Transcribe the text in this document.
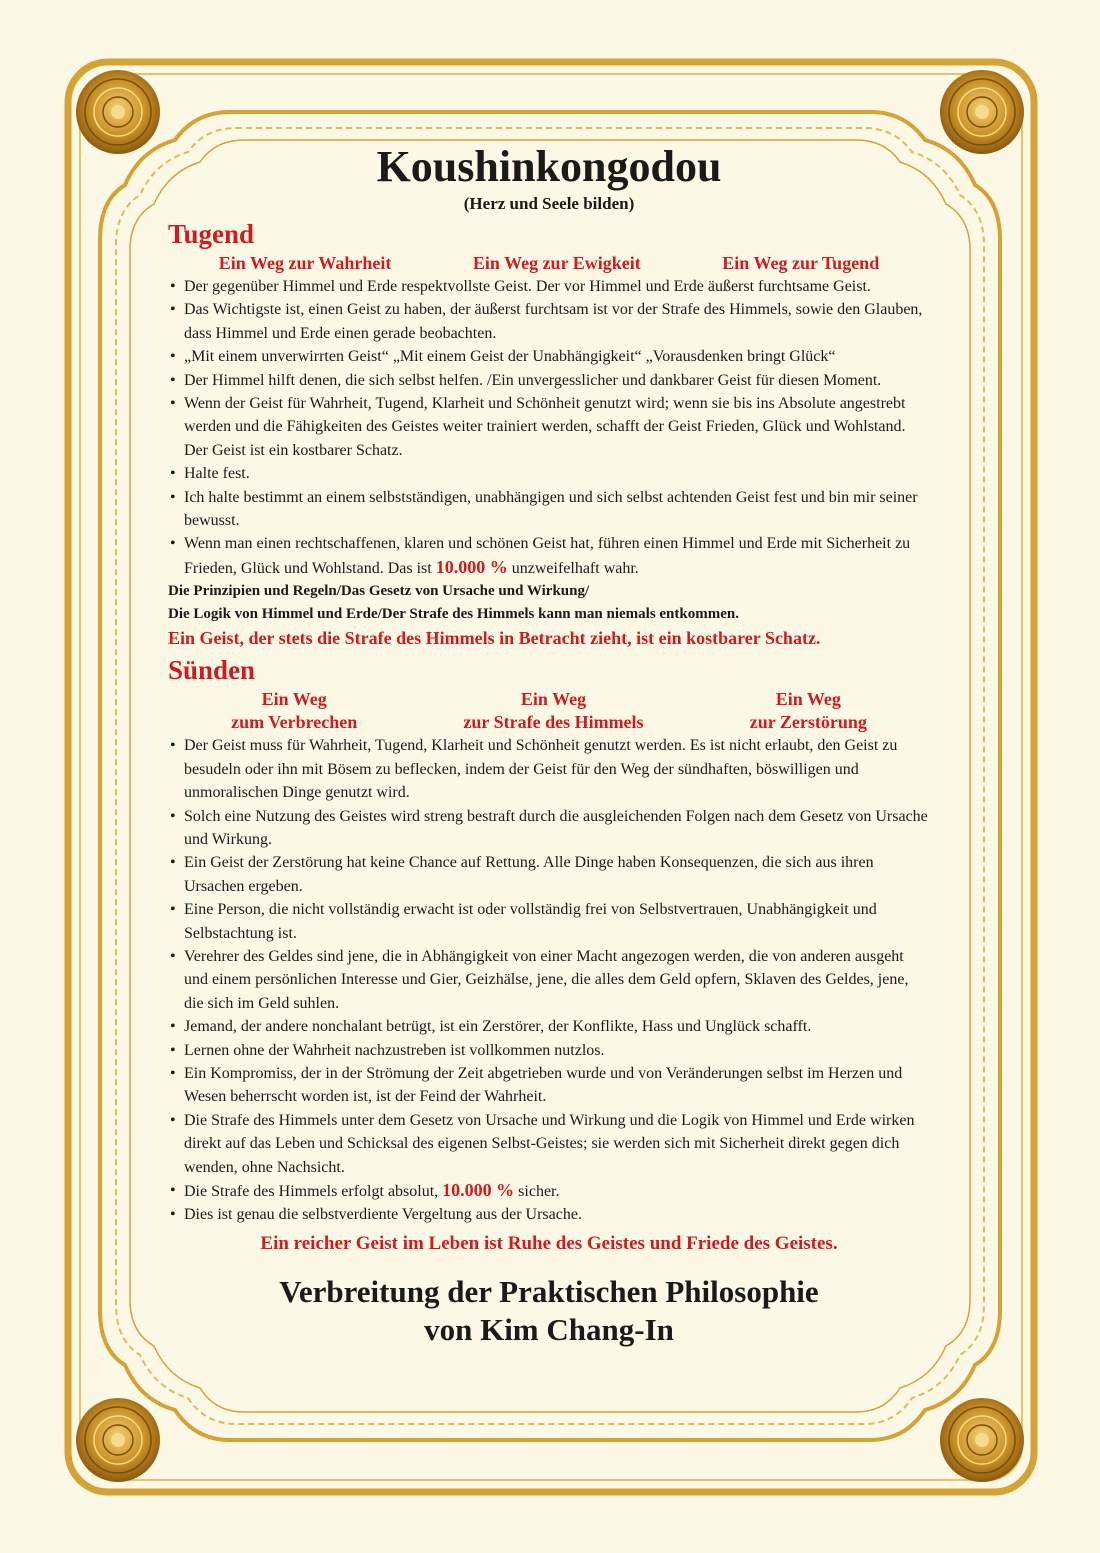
Koushinkongodou

(Herz und Seele bilden)

Tugend
Ein Weg zur Wahrheit	Ein Weg zur Ewigkeit	Ein Weg zur Tugend
• Der gegenüber Himmel und Erde respektvollste Geist. Der vor Himmel und Erde äußerst furchtsame Geist.
• Das Wichtigste ist, einen Geist zu haben, der äußerst furchtsam ist vor der Strafe des Himmels, sowie den Glauben, dass Himmel und Erde einen gerade beobachten.
• „Mit einem unverwirrten Geist“ „Mit einem Geist der Unabhängigkeit“ „Vorausdenken bringt Glück“
• Der Himmel hilft denen, die sich selbst helfen. /Ein unvergesslicher und dankbarer Geist für diesen Moment.
• Wenn der Geist für Wahrheit, Tugend, Klarheit und Schönheit genutzt wird; wenn sie bis ins Absolute angestrebt werden und die Fähigkeiten des Geistes weiter trainiert werden, schafft der Geist Frieden, Glück und Wohlstand.
Der Geist ist ein kostbarer Schatz.
• Halte fest.
• Ich halte bestimmt an einem selbstständigen, unabhängigen und sich selbst achtenden Geist fest und bin mir seiner bewusst.
• Wenn man einen rechtschaffenen, klaren und schönen Geist hat, führen einen Himmel und Erde mit Sicherheit zu Frieden, Glück und Wohlstand. Das ist 10.000 % unzweifelhaft wahr.
Die Prinzipien und Regeln/Das Gesetz von Ursache und Wirkung/
Die Logik von Himmel und Erde/Der Strafe des Himmels kann man niemals entkommen.
Ein Geist, der stets die Strafe des Himmels in Betracht zieht, ist ein kostbarer Schatz.
Sünden
Ein Weg
zum Verbrechen
Ein Weg
zur Strafe des Himmels
Ein Weg
zur Zerstörung
• Der Geist muss für Wahrheit, Tugend, Klarheit und Schönheit genutzt werden. Es ist nicht erlaubt, den Geist zu besudeln oder ihn mit Bösem zu beflecken, indem der Geist für den Weg der sündhaften, böswilligen und unmoralischen Dinge genutzt wird.
• Solch eine Nutzung des Geistes wird streng bestraft durch die ausgleichenden Folgen nach dem Gesetz von Ursache und Wirkung.
• Ein Geist der Zerstörung hat keine Chance auf Rettung. Alle Dinge haben Konsequenzen, die sich aus ihren Ursachen ergeben.
• Eine Person, die nicht vollständig erwacht ist oder vollständig frei von Selbstvertrauen, Unabhängigkeit und Selbstachtung ist.
• Verehrer des Geldes sind jene, die in Abhängigkeit von einer Macht angezogen werden, die von anderen ausgeht und einem persönlichen Interesse und Gier, Geizhälse, jene, die alles dem Geld opfern, Sklaven des Geldes, jene, die sich im Geld suhlen.
• Jemand, der andere nonchalant betrügt, ist ein Zerstörer, der Konflikte, Hass und Unglück schafft.
• Lernen ohne der Wahrheit nachzustreben ist vollkommen nutzlos.
• Ein Kompromiss, der in der Strömung der Zeit abgetrieben wurde und von Veränderungen selbst im Herzen und Wesen beherrscht worden ist, ist der Feind der Wahrheit.
• Die Strafe des Himmels unter dem Gesetz von Ursache und Wirkung und die Logik von Himmel und Erde wirken direkt auf das Leben und Schicksal des eigenen Selbst-Geistes; sie werden sich mit Sicherheit direkt gegen dich wenden, ohne Nachsicht.
• Die Strafe des Himmels erfolgt absolut, 10.000 % sicher.
• Dies ist genau die selbstverdiente Vergeltung aus der Ursache.
Ein reicher Geist im Leben ist Ruhe des Geistes und Friede des Geistes.
Verbreitung der Praktischen Philosophie
von Kim Chang-In
